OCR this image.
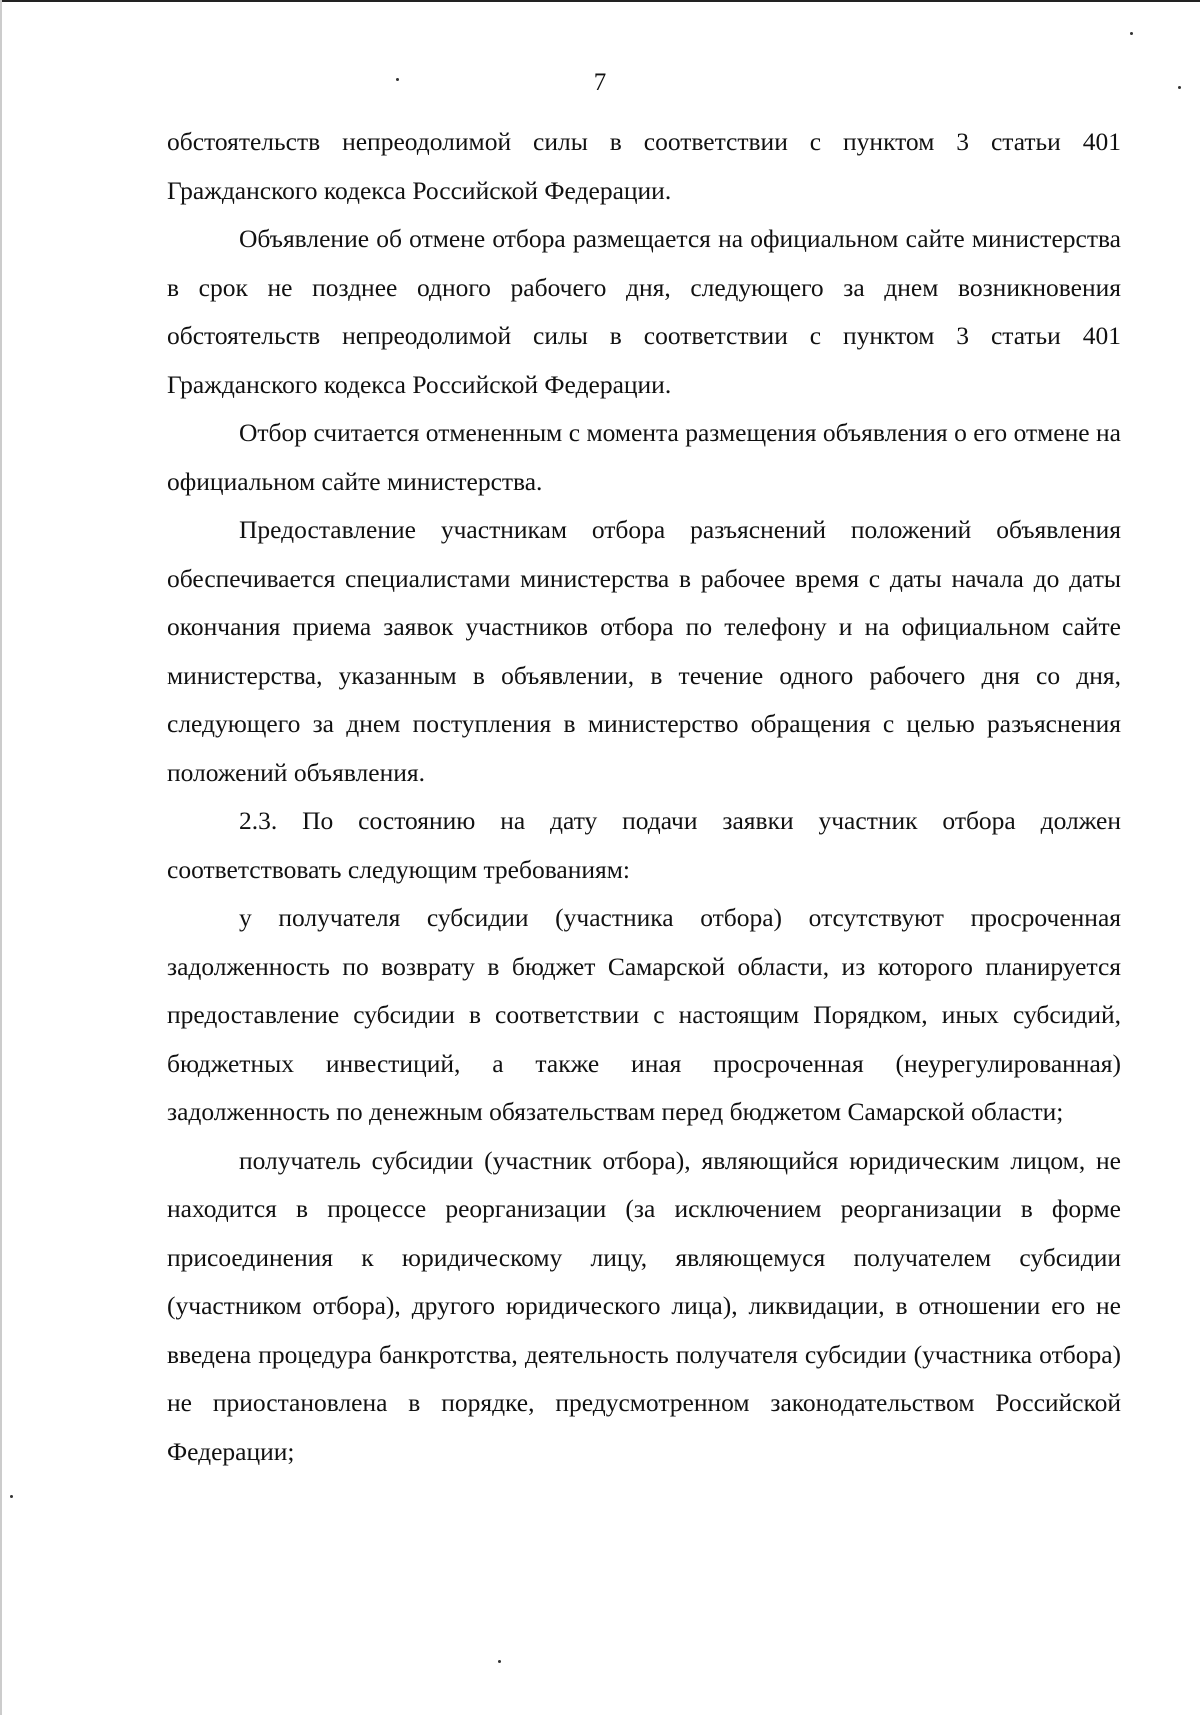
7

обстоятельств непреодолимой силы в соответствии с пунктом 3 статьи 401 Гражданского кодекса Российской Федерации.

Объявление об отмене отбора размещается на официальном сайте министерства в срок не позднее одного рабочего дня, следующего за днем возникновения обстоятельств непреодолимой силы в соответствии с пунктом 3 статьи 401 Гражданского кодекса Российской Федерации.

Отбор считается отмененным с момента размещения объявления о его отмене на официальном сайте министерства.

Предоставление участникам отбора разъяснений положений объявления обеспечивается специалистами министерства в рабочее время с даты начала до даты окончания приема заявок участников отбора по телефону и на официальном сайте министерства, указанным в объявлении, в течение одного рабочего дня со дня, следующего за днем поступления в министерство обращения с целью разъяснения положений объявления.

2.3. По состоянию на дату подачи заявки участник отбора должен соответствовать следующим требованиям:

у получателя субсидии (участника отбора) отсутствуют просроченная задолженность по возврату в бюджет Самарской области, из которого планируется предоставление субсидии в соответствии с настоящим Порядком, иных субсидий, бюджетных инвестиций, а также иная просроченная (неурегулированная) задолженность по денежным обязательствам перед бюджетом Самарской области;

получатель субсидии (участник отбора), являющийся юридическим лицом, не находится в процессе реорганизации (за исключением реорганизации в форме присоединения к юридическому лицу, являющемуся получателем субсидии (участником отбора), другого юридического лица), ликвидации, в отношении его не введена процедура банкротства, деятельность получателя субсидии (участника отбора) не приостановлена в порядке, предусмотренном законодательством Российской Федерации;
